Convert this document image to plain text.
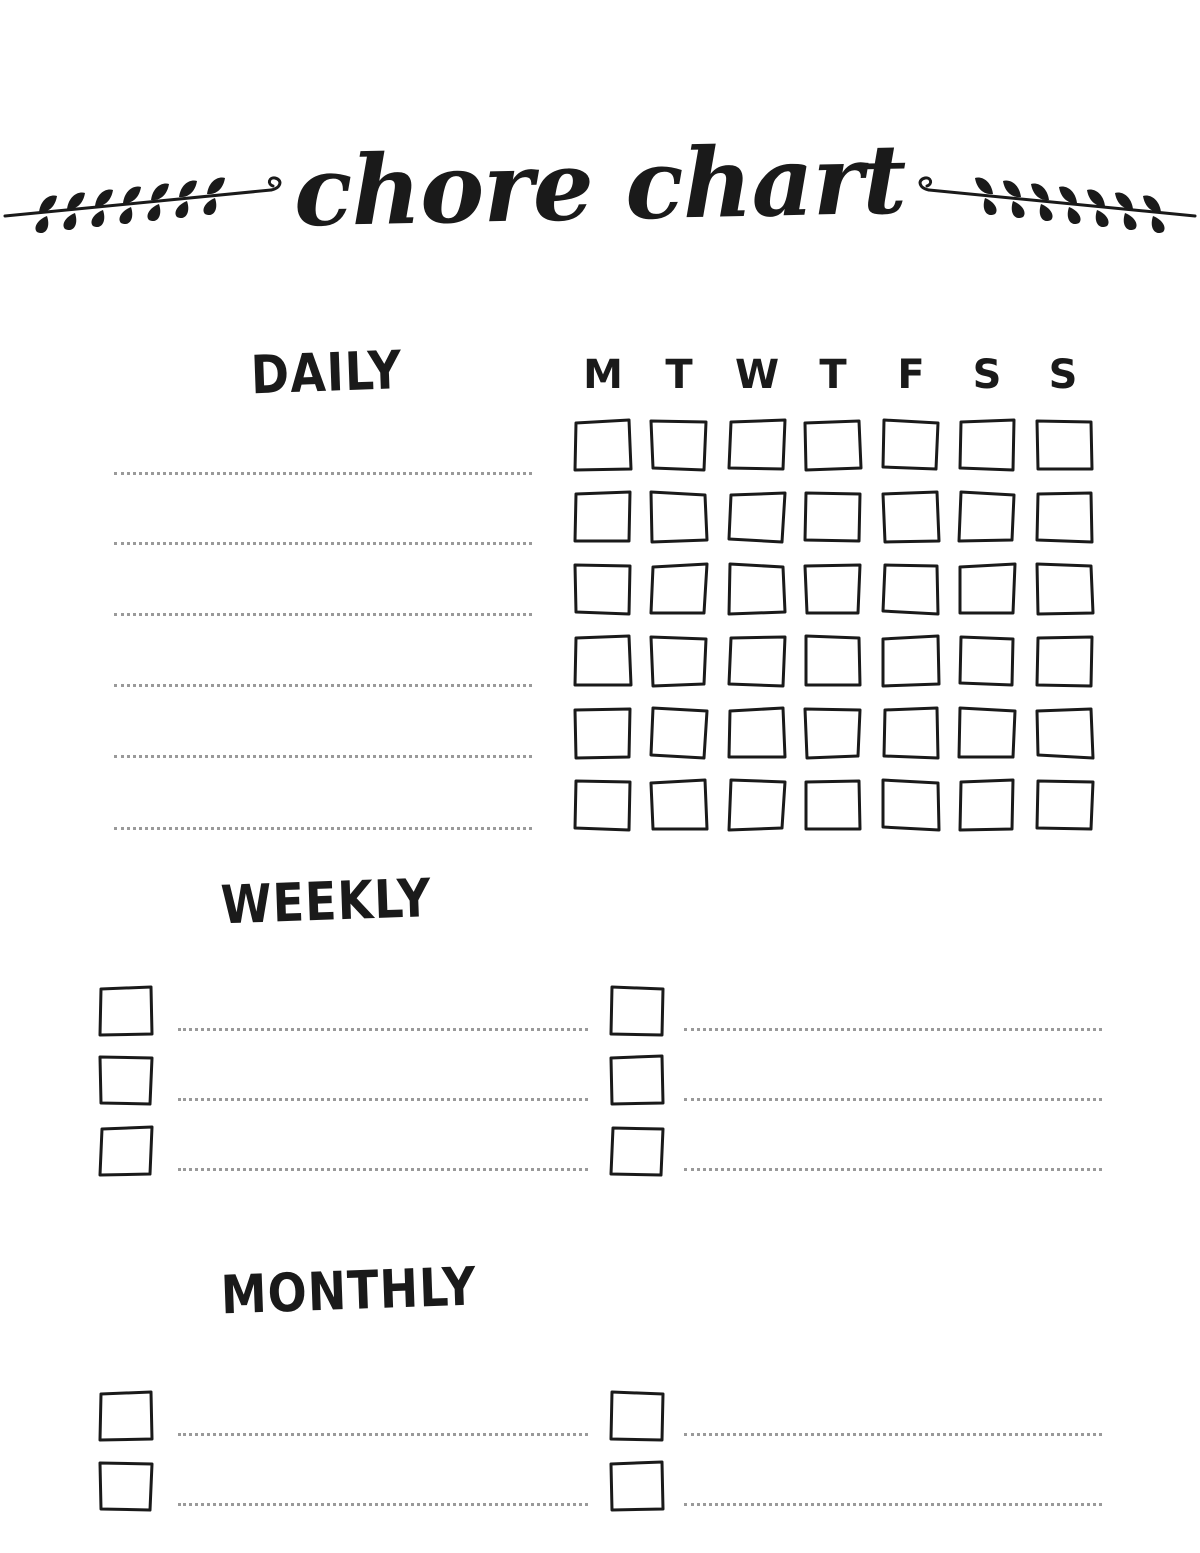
chore chart
DAILY	M	T	W	T	F	S	S
WEEKLY
MONTHLY
